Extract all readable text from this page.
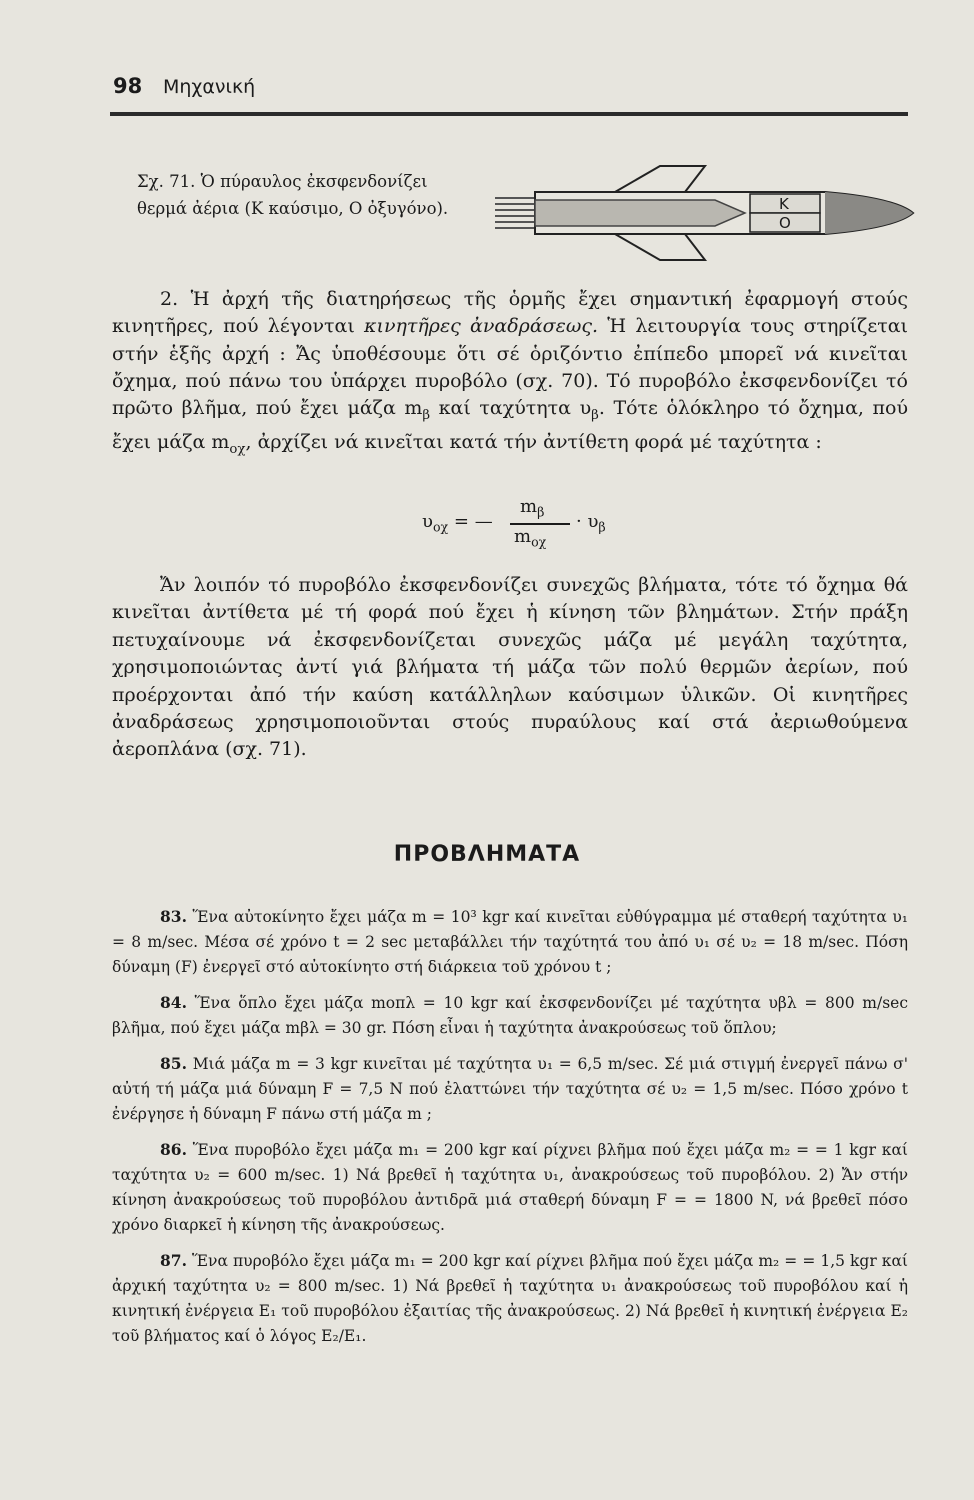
98 Μηχανική
Σχ. 71. Ὁ πύραυλος ἐκσφενδονίζει
θερμά ἀέρια (Κ καύσιμο, Ο ὀξυγόνο).	Κ
Ο

2. Ἡ ἀρχή τῆς διατηρήσεως τῆς ὁρμῆς ἔχει σημαντική ἐφαρμογή στούς κινητῆρες, πού λέγονται κινητῆρες ἀναδράσεως. Ἡ λειτουργία τους στηρίζεται στήν ἑξῆς ἀρχή : Ἄς ὑποθέσουμε ὅτι σέ ὁριζόντιο ἐπίπεδο μπορεῖ νά κινεῖται ὄχημα, πού πάνω του ὑπάρχει πυροβόλο (σχ. 70). Τό πυροβόλο ἐκσφενδονίζει τό πρῶτο βλῆμα, πού ἔχει μάζα $m_\beta$ καί ταχύτητα $\upsilon_\beta$. Τότε ὁλόκληρο τό ὄχημα, πού ἔχει μάζα $m_{o\chi}$, ἀρχίζει νά κινεῖται κατά τήν ἀντίθετη φορά μέ ταχύτητα :

$\upsilon_{o\chi}$ = —
$m_\beta$
$m_{o\chi}$
· $\upsilon_\beta$

Ἄν λοιπόν τό πυροβόλο ἐκσφενδονίζει συνεχῶς βλήματα, τότε τό ὄχημα θά κινεῖται ἀντίθετα μέ τή φορά πού ἔχει ἡ κίνηση τῶν βλημάτων. Στήν πράξη πετυχαίνουμε νά ἐκσφενδονίζεται συνεχῶς μάζα μέ μεγάλη ταχύτητα, χρησιμοποιώντας ἀντί γιά βλήματα τή μάζα τῶν πολύ θερμῶν ἀερίων, πού προέρχονται ἀπό τήν καύση κατάλληλων καύσιμων ὑλικῶν. Οἱ κινητῆρες ἀναδράσεως χρησιμοποιοῦνται στούς πυραύλους καί στά ἀεριωθούμενα ἀεροπλάνα (σχ. 71).

ΠΡΟΒΛΗΜΑΤΑ

83. Ἕνα αὐτοκίνητο ἔχει μάζα m = 10³ kgr καί κινεῖται εὐθύγραμμα μέ σταθερή ταχύτητα υ₁ = 8 m/sec. Μέσα σέ χρόνο t = 2 sec μεταβάλλει τήν ταχύτητά του ἀπό υ₁ σέ υ₂ = 18 m/sec. Πόση δύναμη (F) ἐνεργεῖ στό αὐτοκίνητο στή διάρκεια τοῦ χρόνου t ;

84. Ἕνα ὅπλο ἔχει μάζα mοπλ = 10 kgr καί ἐκσφενδονίζει μέ ταχύτητα υβλ = 800 m/sec βλῆμα, πού ἔχει μάζα mβλ = 30 gr. Πόση εἶναι ἡ ταχύτητα ἀνακρούσεως τοῦ ὅπλου;

85. Μιά μάζα m = 3 kgr κινεῖται μέ ταχύτητα υ₁ = 6,5 m/sec. Σέ μιά στιγμή ἐνεργεῖ πάνω σ' αὐτή τή μάζα μιά δύναμη F = 7,5 N πού ἐλαττώνει τήν ταχύτητα σέ υ₂ = 1,5 m/sec. Πόσο χρόνο t ἐνέργησε ἡ δύναμη F πάνω στή μάζα m ;

86. Ἕνα πυροβόλο ἔχει μάζα m₁ = 200 kgr καί ρίχνει βλῆμα πού ἔχει μάζα m₂ = = 1 kgr καί ταχύτητα υ₂ = 600 m/sec. 1) Νά βρεθεῖ ἡ ταχύτητα υ₁, ἀνακρούσεως τοῦ πυροβόλου. 2) Ἄν στήν κίνηση ἀνακρούσεως τοῦ πυροβόλου ἀντιδρᾶ μιά σταθερή δύναμη F = = 1800 N, νά βρεθεῖ πόσο χρόνο διαρκεῖ ἡ κίνηση τῆς ἀνακρούσεως.

87. Ἕνα πυροβόλο ἔχει μάζα m₁ = 200 kgr καί ρίχνει βλῆμα πού ἔχει μάζα m₂ = = 1,5 kgr καί ἀρχική ταχύτητα υ₂ = 800 m/sec. 1) Νά βρεθεῖ ἡ ταχύτητα υ₁ ἀνακρούσεως τοῦ πυροβόλου καί ἡ κινητική ἐνέργεια E₁ τοῦ πυροβόλου ἐξαιτίας τῆς ἀνακρούσεως. 2) Νά βρεθεῖ ἡ κινητική ἐνέργεια E₂ τοῦ βλήματος καί ὁ λόγος E₂/E₁.
